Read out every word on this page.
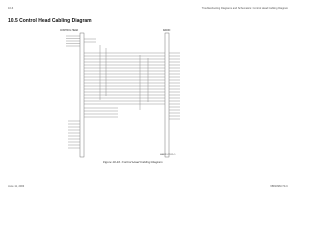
10-6	Troubleshooting Diagrams and Schematics: Control Head Cabling Diagram
10.5 Control Head Cabling Diagram
CONTROL HEAD	RADIO
MAEPF-27512-O
Figure 10-10. Control Head Cabling Diagram
June 11, 2003	6881096C73-C
